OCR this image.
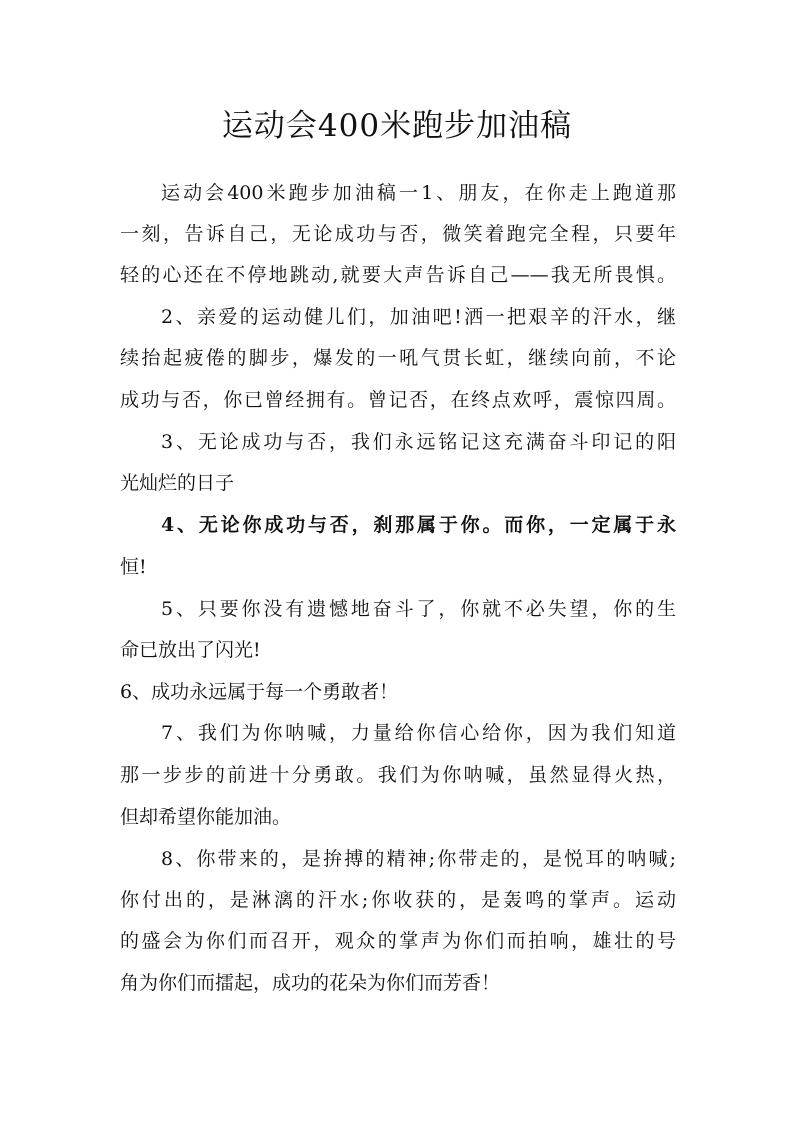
运动会400米跑步加油稿
运动会400米跑步加油稿一1、朋友，在你走上跑道那
一刻，告诉自己，无论成功与否，微笑着跑完全程，只要年
轻的心还在不停地跳动,就要大声告诉自己——我无所畏惧。
2、亲爱的运动健儿们，加油吧!洒一把艰辛的汗水，继
续抬起疲倦的脚步，爆发的一吼气贯长虹，继续向前，不论
成功与否，你已曾经拥有。曾记否，在终点欢呼，震惊四周。
3、无论成功与否，我们永远铭记这充满奋斗印记的阳
光灿烂的日子
4、无论你成功与否，刹那属于你。而你，一定属于永
恒!
5、只要你没有遗憾地奋斗了，你就不必失望，你的生
命已放出了闪光!
6、成功永远属于每一个勇敢者！
7、我们为你呐喊，力量给你信心给你，因为我们知道
那一步步的前进十分勇敢。我们为你呐喊，虽然显得火热，
但却希望你能加油。
8、你带来的，是拚搏的精神;你带走的，是悦耳的呐喊;
你付出的，是淋漓的汗水;你收获的，是轰鸣的掌声。运动
的盛会为你们而召开，观众的掌声为你们而拍响，雄壮的号
角为你们而擂起，成功的花朵为你们而芳香！
